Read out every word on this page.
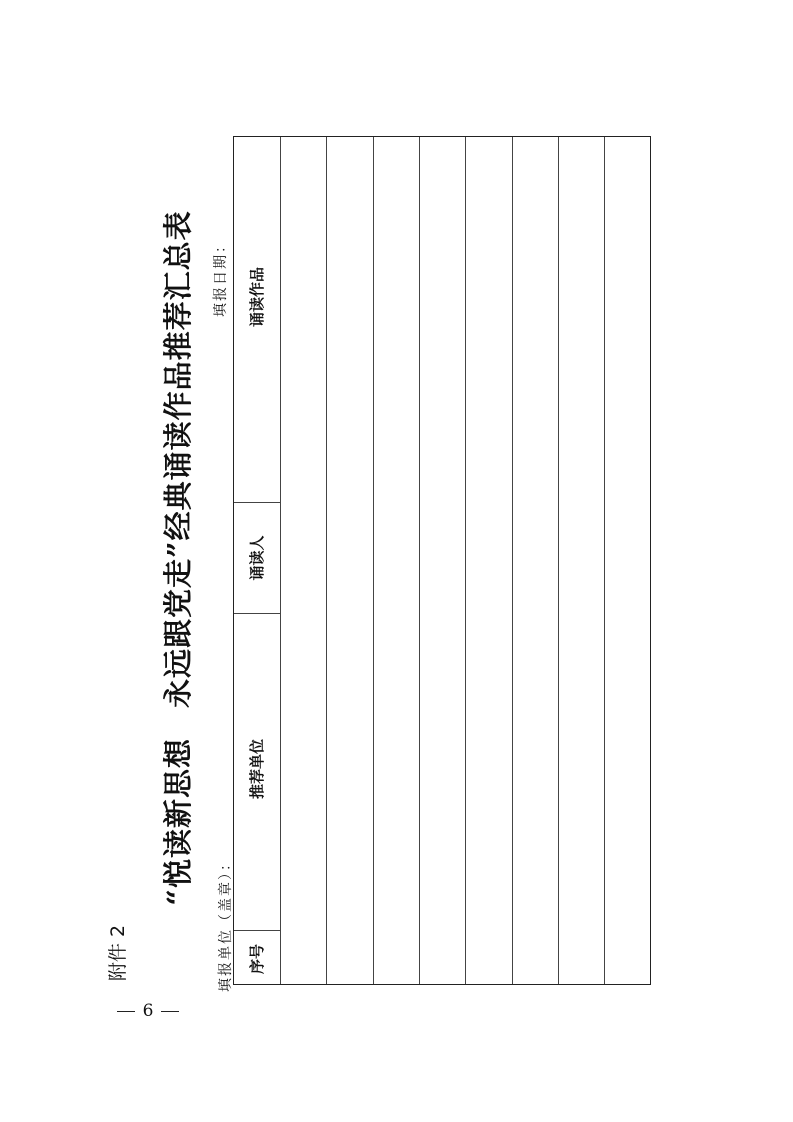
6
附件 2
“悦读新思想　永远跟党走”经典诵读作品推荐汇总表
填报单位（盖章）：
填报日期： 诵读作品
诵读人
推荐单位
序号
